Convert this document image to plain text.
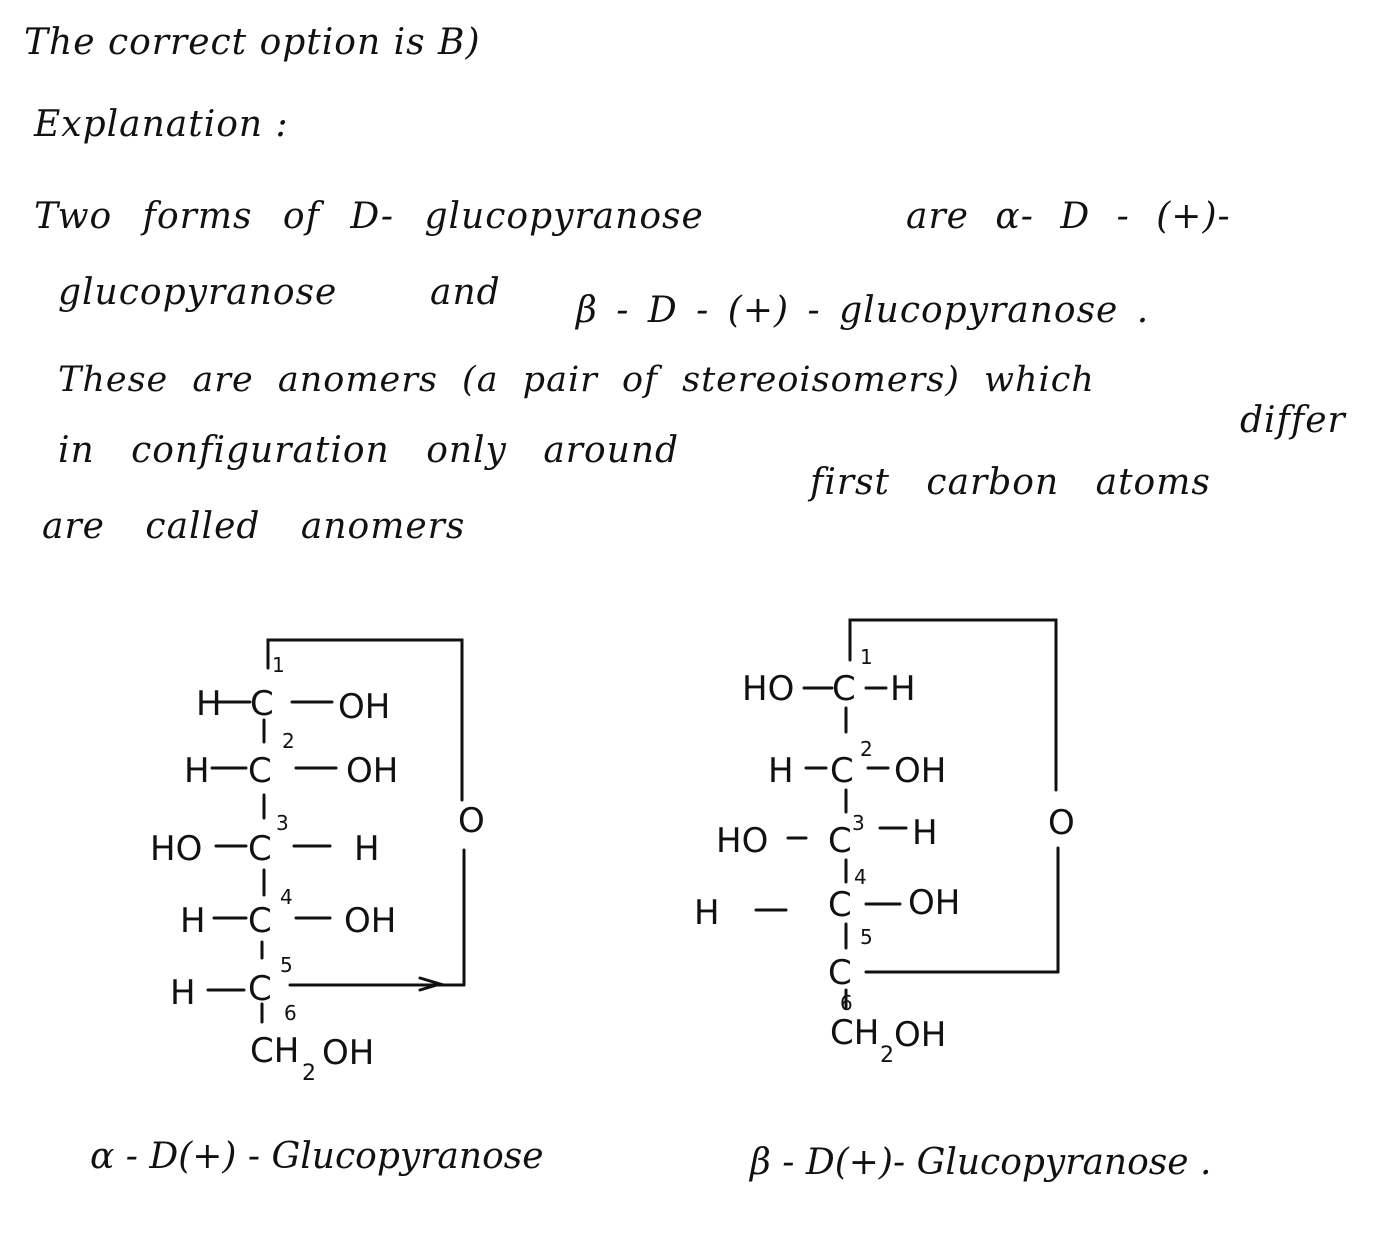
The correct option is B)
Explanation :
Two forms of D- glucopyranose	are α- D - (+)-
glucopyranose	and β - D - (+) - glucopyranose .
These are anomers (a pair of stereoisomers) which
differ
in configuration only around
first carbon atoms
are called anomers
H C
1
OH
H C
2
OH
HO C
3
H
H C
4
OH
H C
5
6
CH
2
OH
O
HO C
1
H
H C
2
OH
HO C 3 H
H	C
4
OH
C
5
6
CH
2
OH
O
α - D(+) - Glucopyranose	β - D(+)- Glucopyranose .
